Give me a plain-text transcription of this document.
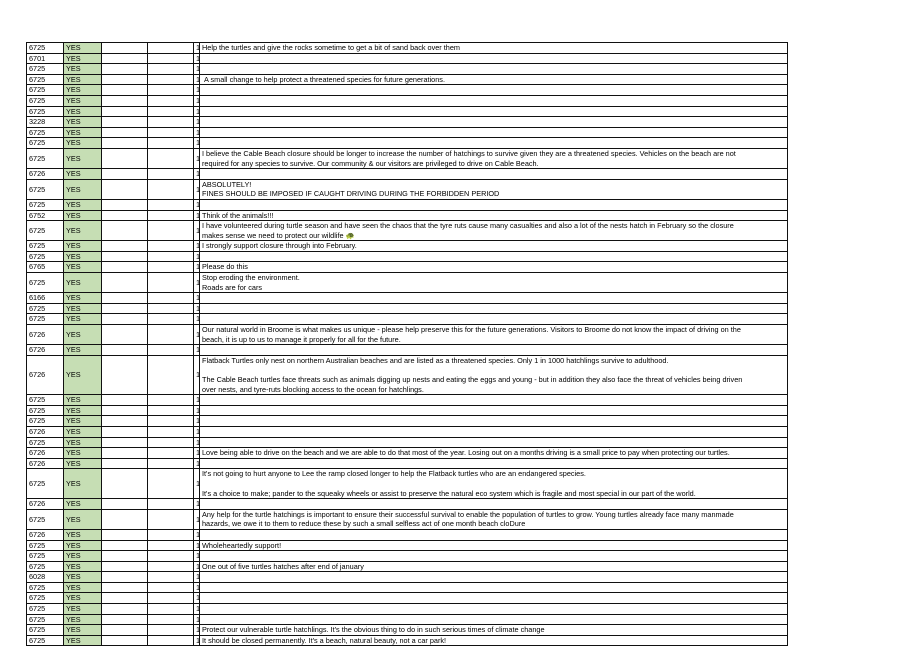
6725	YES			1	Help the turtles and give the rocks sometime to get a bit of sand back over them
6701	YES			1	
6725	YES			1	
6725	YES			1	A small change to help protect a threatened species for future generations.
6725	YES			1	
6725	YES			1	
6725	YES			1	
3228	YES			1	
6725	YES			1	
6725	YES			1	
6725	YES			1	I believe the Cable Beach closure should be longer to increase the number of hatchings to survive given they are a threatened species. Vehicles on the beach are not
required for any species to survive. Our community & our visitors are privileged to drive on Cable Beach.

6726	YES			1	
6725	YES			1	ABSOLUTELY!
FINES SHOULD BE IMPOSED IF CAUGHT DRIVING DURING THE FORBIDDEN PERIOD

6725	YES			1	
6752	YES			1	Think of the animals!!!
6725	YES			1	I have volunteered during turtle season and have seen the chaos that the tyre ruts cause many casualties and also a lot of the nests hatch in February so the closure
makes sense we need to protect our wildlife 🐢

6725	YES			1	I strongly support closure through into February.
6725	YES			1	
6765	YES			1	Please do this
6725	YES			1	Stop eroding the environment.
Roads are for cars

6166	YES			1	
6725	YES			1	
6725	YES			1	
6726	YES			1	Our natural world in Broome is what makes us unique - please help preserve this for the future generations. Visitors to Broome do not know the impact of driving on the
beach, it is up to us to manage it properly for all for the future.

6726	YES			1	
6726	YES			1	Flatback Turtles only nest on northern Australian beaches and are listed as a threatened species. Only 1 in 1000 hatchlings survive to adulthood.

The Cable Beach turtles face threats such as animals digging up nests and eating the eggs and young - but in addition they also face the threat of vehicles being driven
over nests, and tyre-ruts blocking access to the ocean for hatchlings.

6725	YES			1	
6725	YES			1	
6725	YES			1	
6726	YES			1	
6725	YES			1	
6726	YES			1	Love being able to drive on the beach and we are able to do that most of the year. Losing out on a months driving is a small price to pay when protecting our turtles.
6726	YES			1	
6725	YES			1	It's not going to hurt anyone to Lee the ramp closed longer to help the Flatback turtles who are an endangered species.

It's a choice to make; pander to the squeaky wheels or assist to preserve the natural eco system which is fragile and most special in our part of the world.

6726	YES			1	
6725	YES			1	Any help for the turtle hatchings is important to ensure their successful survival to enable the population of turtles to grow. Young turtles already face many manmade
hazards, we owe it to them to reduce these by such a small selfless act of one month beach cloDure

6726	YES			1	
6725	YES			1	Wholeheartedly support!
6725	YES			1	
6725	YES			1	One out of five turtles hatches after end of january
6028	YES			1	
6725	YES			1	
6725	YES			1	
6725	YES			1	
6725	YES			1	
6725	YES			1	Protect our vulnerable turtle hatchlings. It's the obvious thing to do in such serious times of climate change
6725	YES			1	It should be closed permanently. It's a beach, natural beauty, not a car park!
